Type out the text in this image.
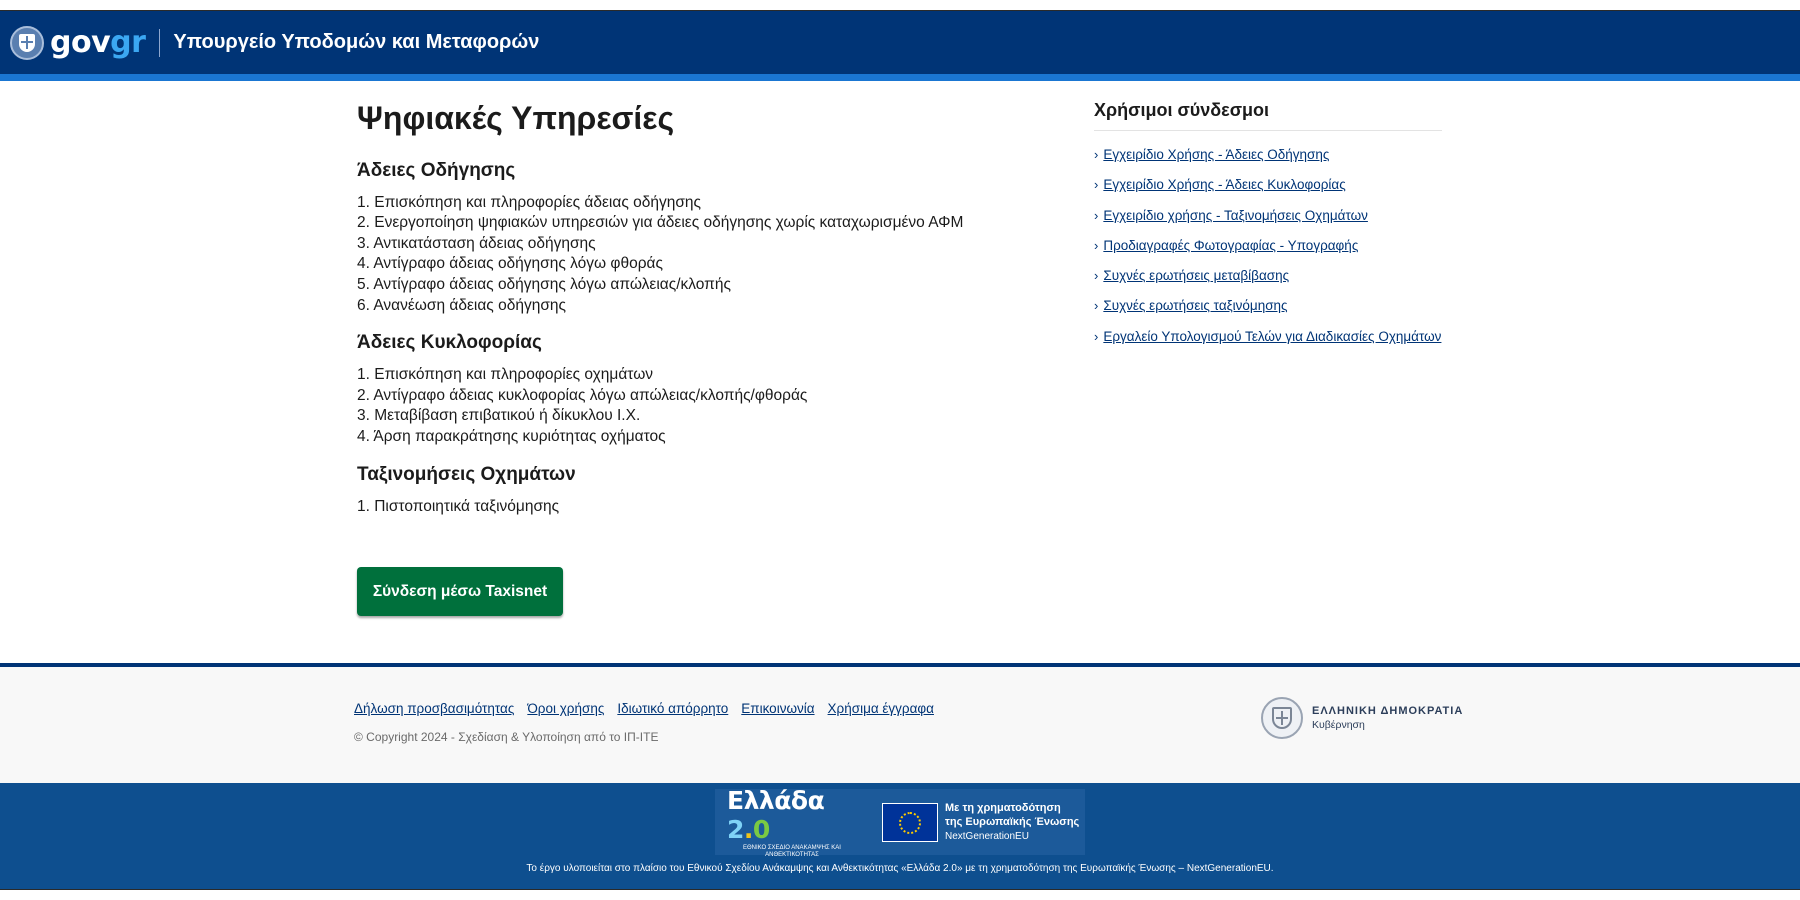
govgr Υπουργείο Υποδομών και Μεταφορών
Ψηφιακές Υπηρεσίες
Άδειες Οδήγησης
1. Επισκόπηση και πληροφορίες άδειας οδήγησης
2. Ενεργοποίηση ψηφιακών υπηρεσιών για άδειες οδήγησης χωρίς καταχωρισμένο ΑΦΜ
3. Αντικατάσταση άδειας οδήγησης
4. Αντίγραφο άδειας οδήγησης λόγω φθοράς
5. Αντίγραφο άδειας οδήγησης λόγω απώλειας/κλοπής
6. Ανανέωση άδειας οδήγησης
Άδειες Κυκλοφορίας
1. Επισκόπηση και πληροφορίες οχημάτων
2. Αντίγραφο άδειας κυκλοφορίας λόγω απώλειας/κλοπής/φθοράς
3. Μεταβίβαση επιβατικού ή δίκυκλου Ι.Χ.
4. Άρση παρακράτησης κυριότητας οχήματος
Ταξινομήσεις Οχημάτων
1. Πιστοποιητικά ταξινόμησης
Σύνδεση μέσω Taxisnet
Χρήσιμοι σύνδεσμοι
› Εγχειρίδιο Χρήσης - Άδειες Οδήγησης
› Εγχειρίδιο Χρήσης - Άδειες Κυκλοφορίας
› Εγχειρίδιο χρήσης - Ταξινομήσεις Οχημάτων
› Προδιαγραφές Φωτογραφίας - Υπογραφής
› Συχνές ερωτήσεις μεταβίβασης
› Συχνές ερωτήσεις ταξινόμησης
› Εργαλείο Υπολογισμού Τελών για Διαδικασίες Οχημάτων
Δήλωση προσβασιμότητας Όροι χρήσης Ιδιωτικό απόρρητο Επικοινωνία Χρήσιμα έγγραφα
© Copyright 2024 - Σχεδίαση & Υλοποίηση από το ΙΠ-ΙΤΕ
ΕΛΛΗΝΙΚΗ ΔΗΜΟΚΡΑΤΙΑ
Κυβέρνηση
Ελλάδα 2.0
ΕΘΝΙΚΟ ΣΧΕΔΙΟ ΑΝΑΚΑΜΨΗΣ ΚΑΙ ΑΝΘΕΚΤΙΚΟΤΗΤΑΣ
Με τη χρηματοδότηση
της Ευρωπαϊκής Ένωσης
NextGenerationEU
Το έργο υλοποιείται στο πλαίσιο του Εθνικού Σχεδίου Ανάκαμψης και Ανθεκτικότητας «Ελλάδα 2.0» με τη χρηματοδότηση της Ευρωπαϊκής Ένωσης – NextGenerationEU.
